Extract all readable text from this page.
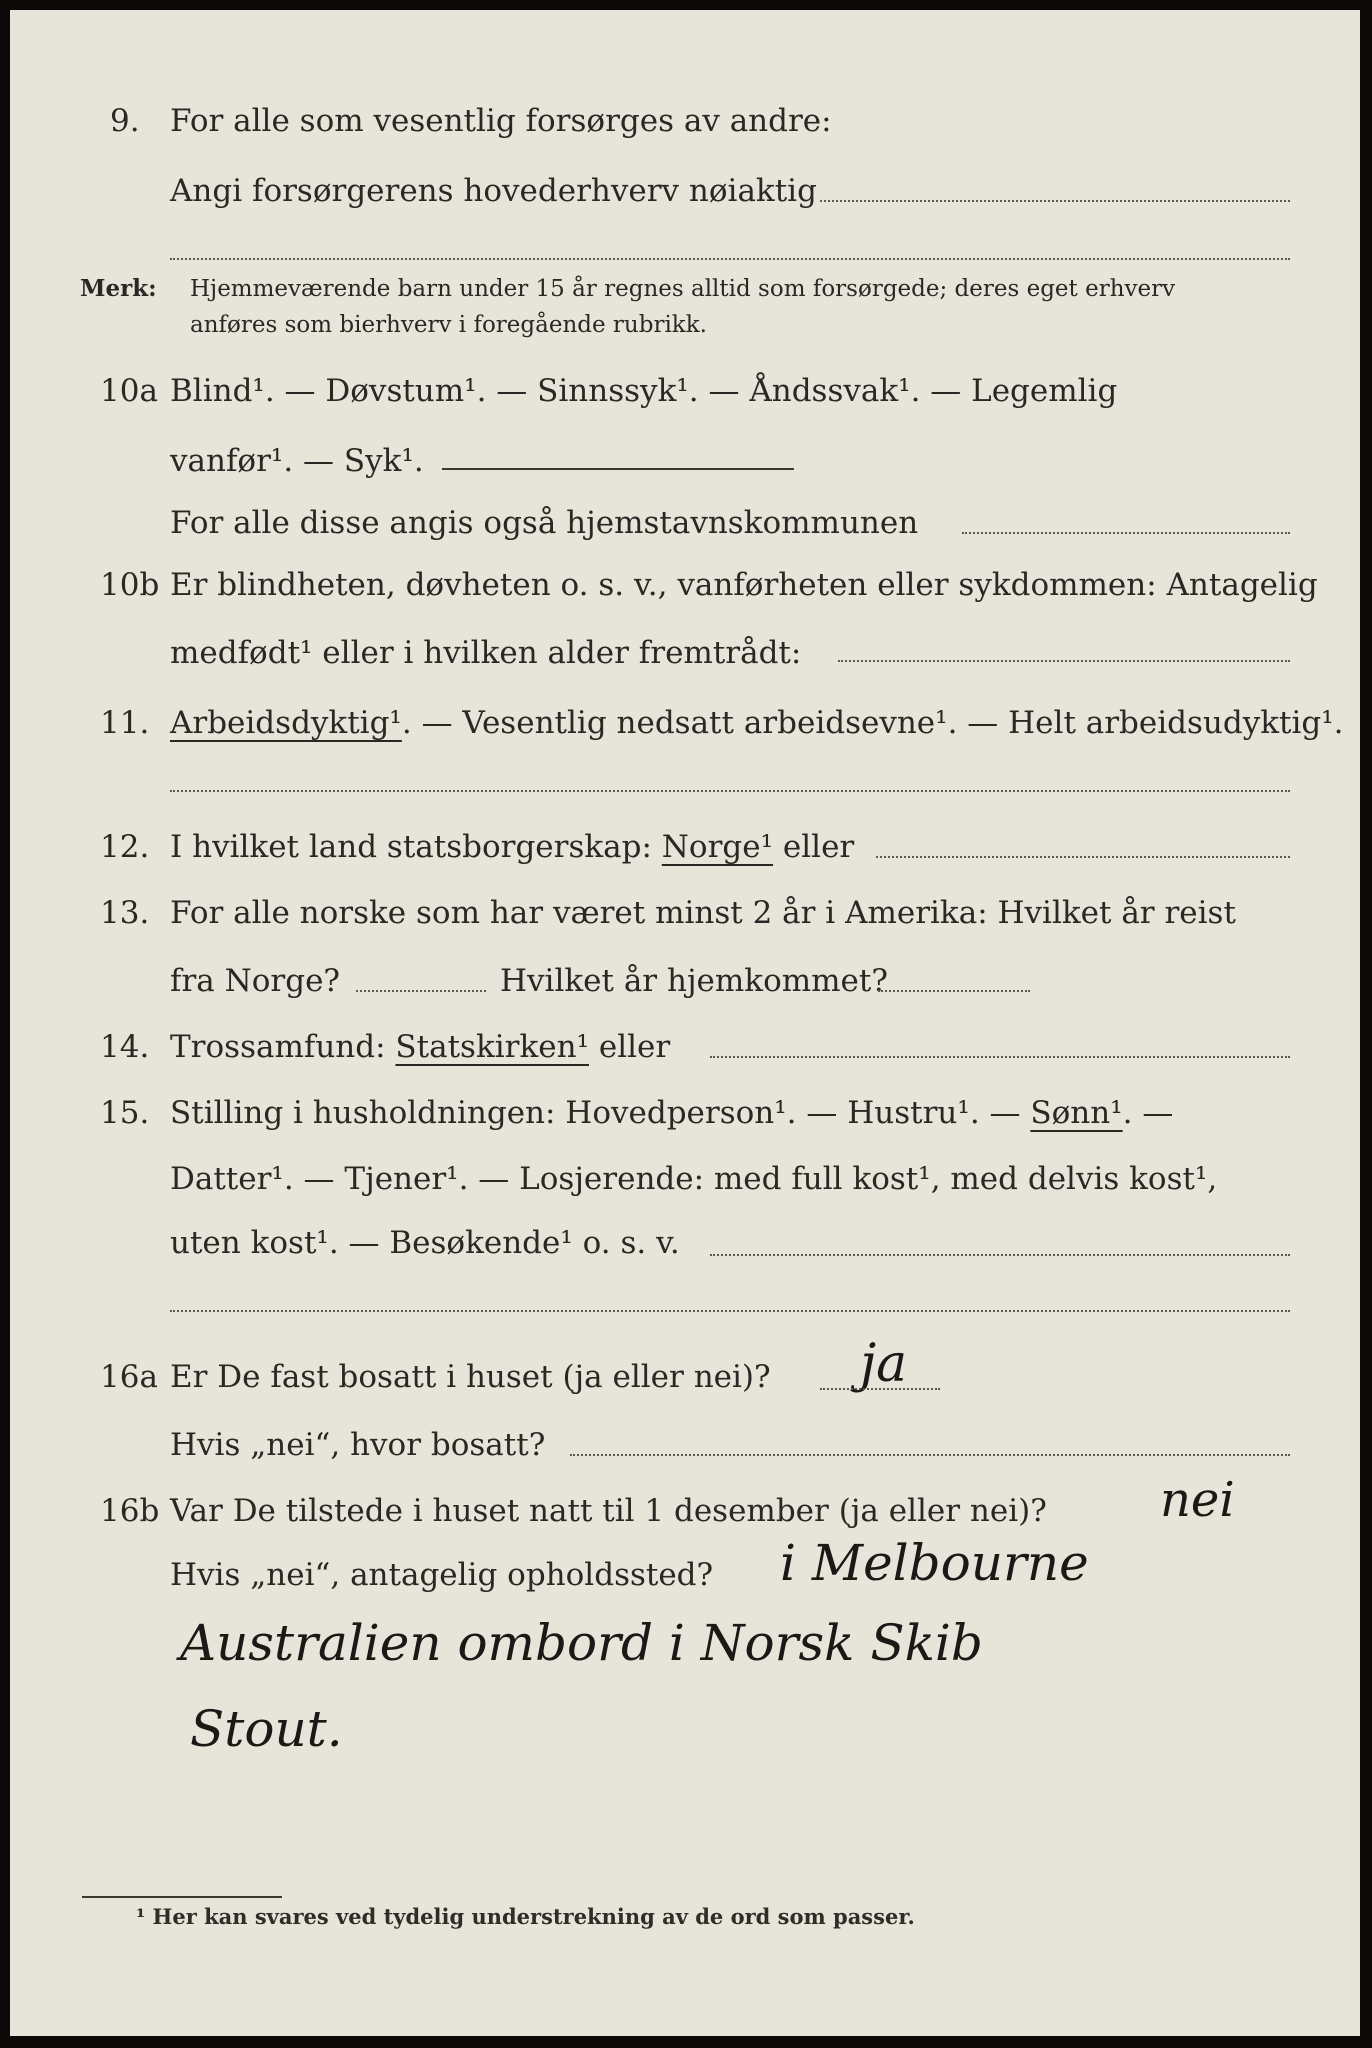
9. For alle som vesentlig forsørges av andre:
Angi forsørgerens hovederhverv nøiaktig
Merk: Hjemmeværende barn under 15 år regnes alltid som forsørgede; deres eget erhverv
anføres som bierhverv i foregående rubrikk.
10a Blind¹. — Døvstum¹. — Sinnssyk¹. — Åndssvak¹. — Legemlig
vanfør¹. — Syk¹.
For alle disse angis også hjemstavnskommunen
10b Er blindheten, døvheten o. s. v., vanførheten eller sykdommen: Antagelig
medfødt¹ eller i hvilken alder fremtrådt:
11. Arbeidsdyktig¹. — Vesentlig nedsatt arbeidsevne¹. — Helt arbeidsudyktig¹.
12. I hvilket land statsborgerskap: Norge¹ eller
13. For alle norske som har været minst 2 år i Amerika: Hvilket år reist
fra Norge?	Hvilket år hjemkommet?
14. Trossamfund: Statskirken¹ eller
15. Stilling i husholdningen: Hovedperson¹. — Hustru¹. — Sønn¹. —
Datter¹. — Tjener¹. — Losjerende: med full kost¹, med delvis kost¹,
uten kost¹. — Besøkende¹ o. s. v.
16a Er De fast bosatt i huset (ja eller nei)? ja
Hvis „nei“, hvor bosatt?
16b Var De tilstede i huset natt til 1 desember (ja eller nei)? nei
Hvis „nei“, antagelig opholdssted? i Melbourne
Australien ombord i Norsk Skib
Stout.
¹ Her kan svares ved tydelig understrekning av de ord som passer.
